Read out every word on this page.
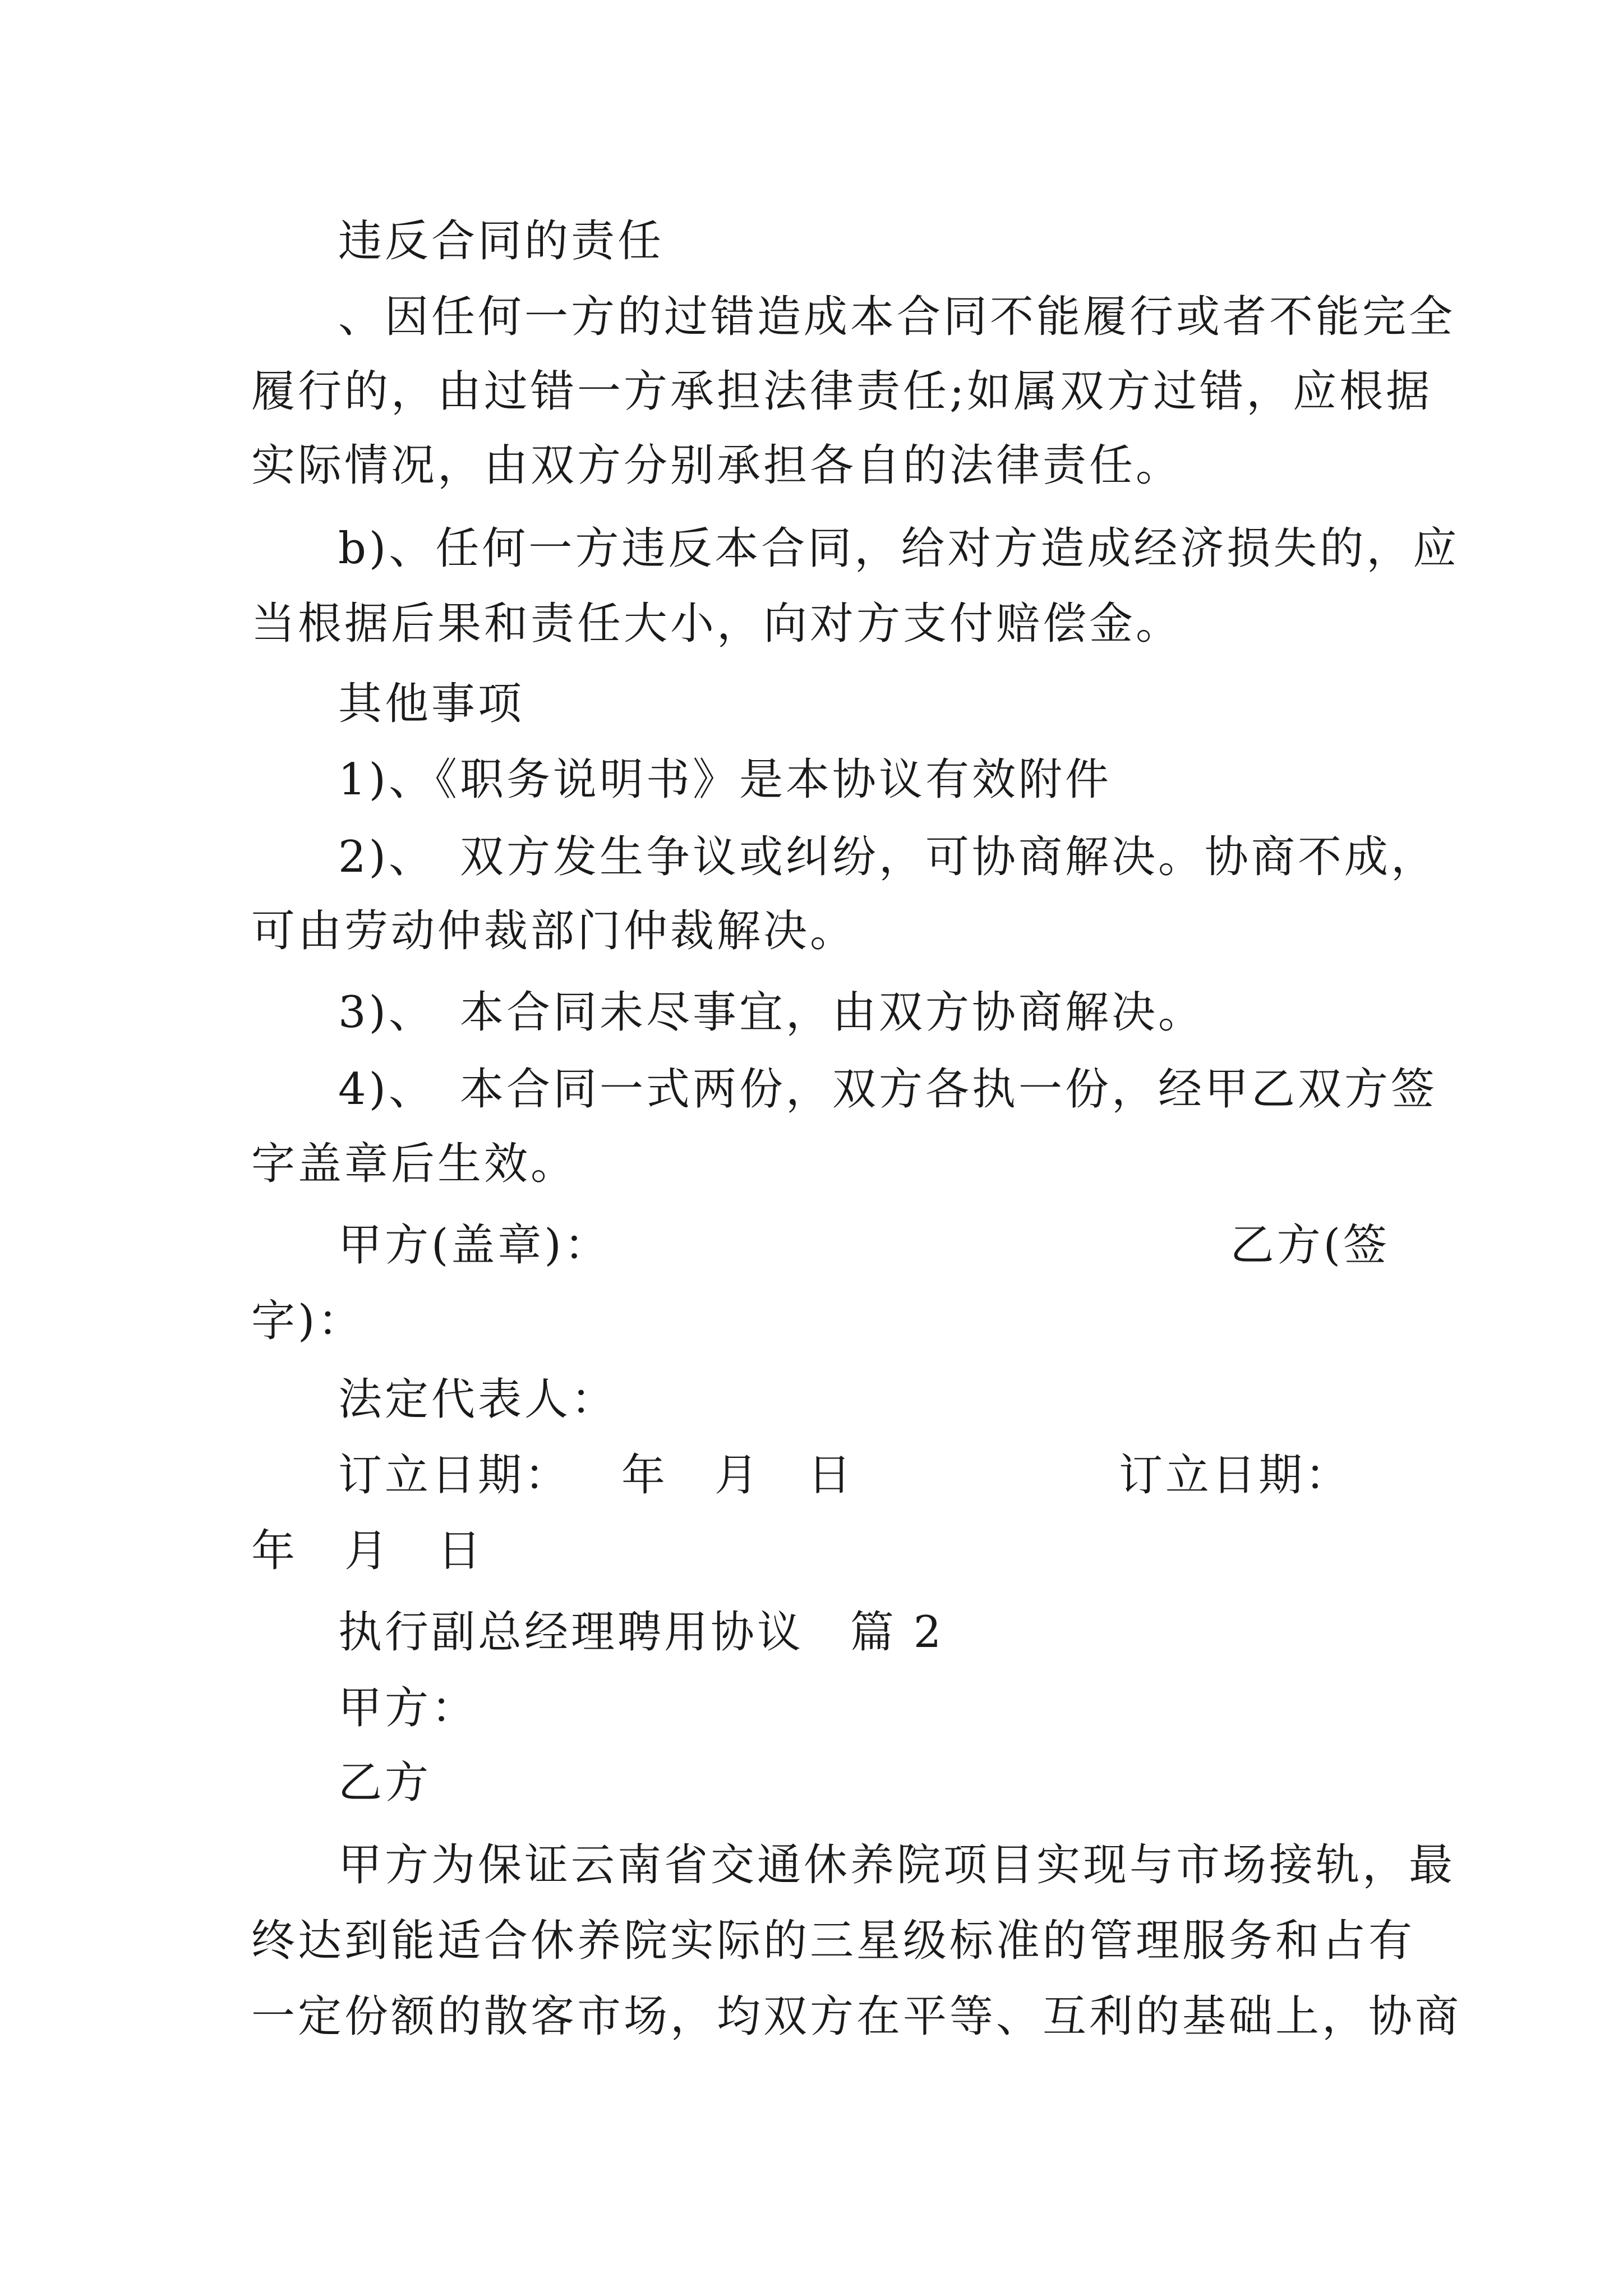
违反合同的责任
、因任何一方的过错造成本合同不能履行或者不能完全
履行的，由过错一方承担法律责任;如属双方过错，应根据
实际情况，由双方分别承担各自的法律责任。
b)、任何一方违反本合同，给对方造成经济损失的，应
当根据后果和责任大小，向对方支付赔偿金。
其他事项
1)、《职务说明书》是本协议有效附件
2)、　双方发生争议或纠纷，可协商解决。协商不成，
可由劳动仲裁部门仲裁解决。
3)、　本合同未尽事宜，由双方协商解决。
4)、　本合同一式两份，双方各执一份，经甲乙双方签
字盖章后生效。
甲方(盖章)：	乙方(签
字)：
法定代表人：
订立日期： 年　月　日	订立日期：
年　月　日
执行副总经理聘用协议　篇 2
甲方：
乙方
甲方为保证云南省交通休养院项目实现与市场接轨，最
终达到能适合休养院实际的三星级标准的管理服务和占有
一定份额的散客市场，均双方在平等、互利的基础上，协商
